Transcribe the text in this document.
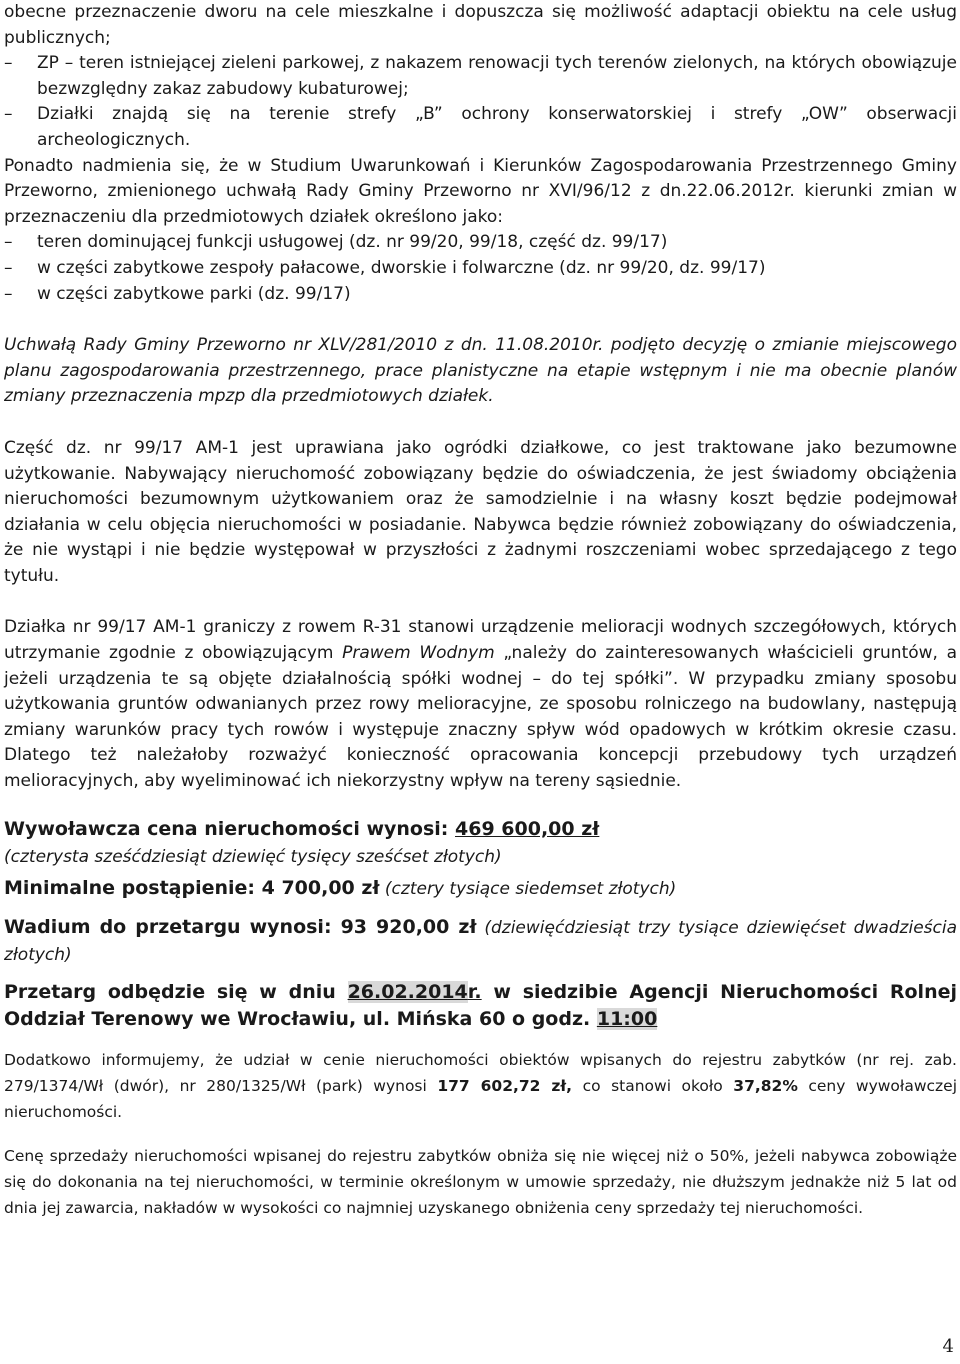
obecne przeznaczenie dworu na cele mieszkalne i dopuszcza się możliwość adaptacji obiektu na cele usług publicznych;

– ZP – teren istniejącej zieleni parkowej, z nakazem renowacji tych terenów zielonych, na których obowiązuje bezwzględny zakaz zabudowy kubaturowej;
– Działki znajdą się na terenie strefy „B” ochrony konserwatorskiej i strefy „OW” obserwacji archeologicznych.

Ponadto nadmienia się, że w Studium Uwarunkowań i Kierunków Zagospodarowania Przestrzennego Gminy Przeworno, zmienionego uchwałą Rady Gminy Przeworno nr XVI/96/12 z dn.22.06.2012r. kierunki zmian w przeznaczeniu dla przedmiotowych działek określono jako:

– teren dominującej funkcji usługowej (dz. nr 99/20, 99/18, część dz. 99/17)
– w części zabytkowe zespoły pałacowe, dworskie i folwarczne (dz. nr 99/20, dz. 99/17)
– w części zabytkowe parki (dz. 99/17)

Uchwałą Rady Gminy Przeworno nr XLV/281/2010 z dn. 11.08.2010r. podjęto decyzję o zmianie miejscowego planu zagospodarowania przestrzennego, prace planistyczne na etapie wstępnym i nie ma obecnie planów zmiany przeznaczenia mpzp dla przedmiotowych działek.

Część dz. nr 99/17 AM-1 jest uprawiana jako ogródki działkowe, co jest traktowane jako bezumowne użytkowanie. Nabywający nieruchomość zobowiązany będzie do oświadczenia, że jest świadomy obciążenia nieruchomości bezumownym użytkowaniem oraz że samodzielnie i na własny koszt będzie podejmował działania w celu objęcia nieruchomości w posiadanie. Nabywca będzie również zobowiązany do oświadczenia, że nie wystąpi i nie będzie występował w przyszłości z żadnymi roszczeniami wobec sprzedającego z tego tytułu.

Działka nr 99/17 AM-1 graniczy z rowem R-31 stanowi urządzenie melioracji wodnych szczegółowych, których utrzymanie zgodnie z obowiązującym Prawem Wodnym „należy do zainteresowanych właścicieli gruntów, a jeżeli urządzenia te są objęte działalnością spółki wodnej – do tej spółki”. W przypadku zmiany sposobu użytkowania gruntów odwanianych przez rowy melioracyjne, ze sposobu rolniczego na budowlany, następują zmiany warunków pracy tych rowów i występuje znaczny spływ wód opadowych w krótkim okresie czasu. Dlatego też należałoby rozważyć konieczność opracowania koncepcji przebudowy tych urządzeń melioracyjnych, aby wyeliminować ich niekorzystny wpływ na tereny sąsiednie.

Wywoławcza cena nieruchomości wynosi: 469 600,00 zł
(czterysta sześćdziesiąt dziewięć tysięcy sześćset złotych)
Minimalne postąpienie: 4 700,00 zł (cztery tysiące siedemset złotych)

Wadium do przetargu wynosi: 93 920,00 zł (dziewięćdziesiąt trzy tysiące dziewięćset dwadzieścia złotych)

Przetarg odbędzie się w dniu 26.02.2014r. w siedzibie Agencji Nieruchomości Rolnej Oddział Terenowy we Wrocławiu, ul. Mińska 60 o godz. 11:00

Dodatkowo informujemy, że udział w cenie nieruchomości obiektów wpisanych do rejestru zabytków (nr rej. zab. 279/1374/Wł (dwór), nr 280/1325/Wł (park) wynosi 177 602,72 zł, co stanowi około 37,82% ceny wywoławczej nieruchomości.

Cenę sprzedaży nieruchomości wpisanej do rejestru zabytków obniża się nie więcej niż o 50%, jeżeli nabywca zobowiąże się do dokonania na tej nieruchomości, w terminie określonym w umowie sprzedaży, nie dłuższym jednakże niż 5 lat od dnia jej zawarcia, nakładów w wysokości co najmniej uzyskanego obniżenia ceny sprzedaży tej nieruchomości.

4
